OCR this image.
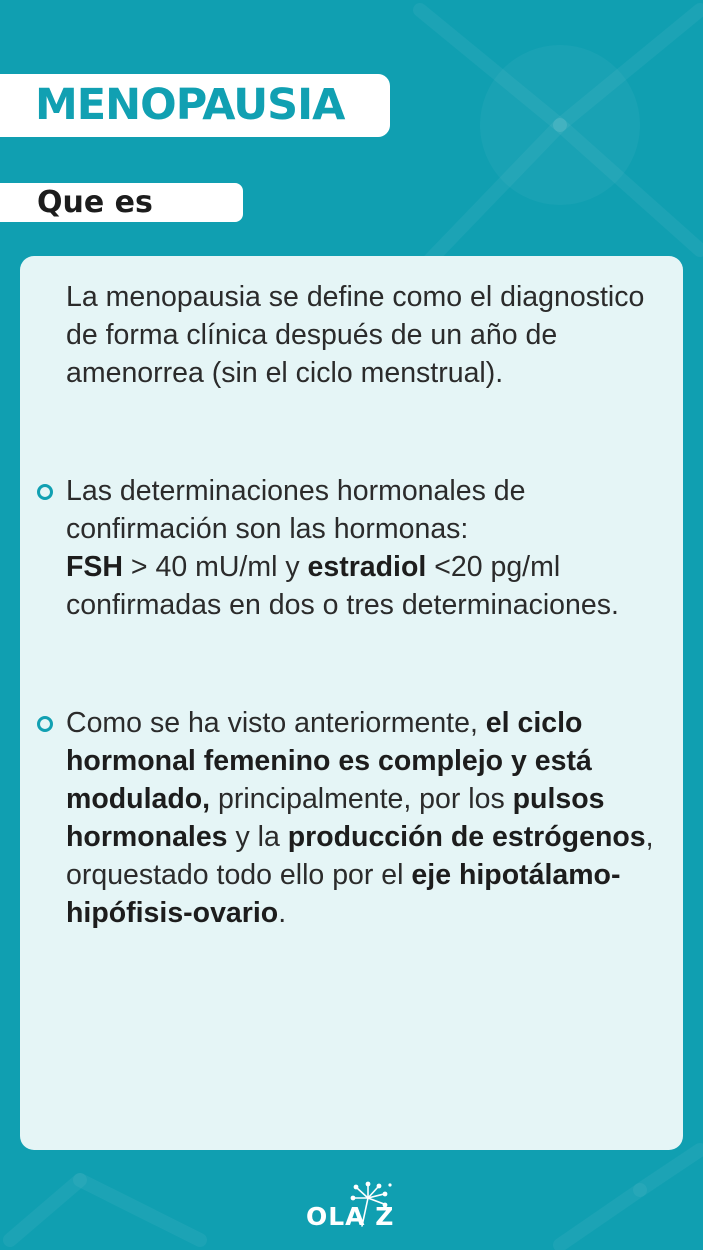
MENOPAUSIA
Que es

La menopausia se define como el diagnostico de forma clínica después de un año de amenorrea (sin el ciclo menstrual).

Las determinaciones hormonales de confirmación son las hormonas:
FSH > 40 mU/ml y estradiol <20 pg/ml confirmadas en dos o tres determinaciones.

Como se ha visto anteriormente, el ciclo hormonal femenino es complejo y está modulado, principalmente, por los pulsos hormonales y la producción de estrógenos, orquestado todo ello por el eje hipotálamo-hipófisis-ovario.

OLA Z
